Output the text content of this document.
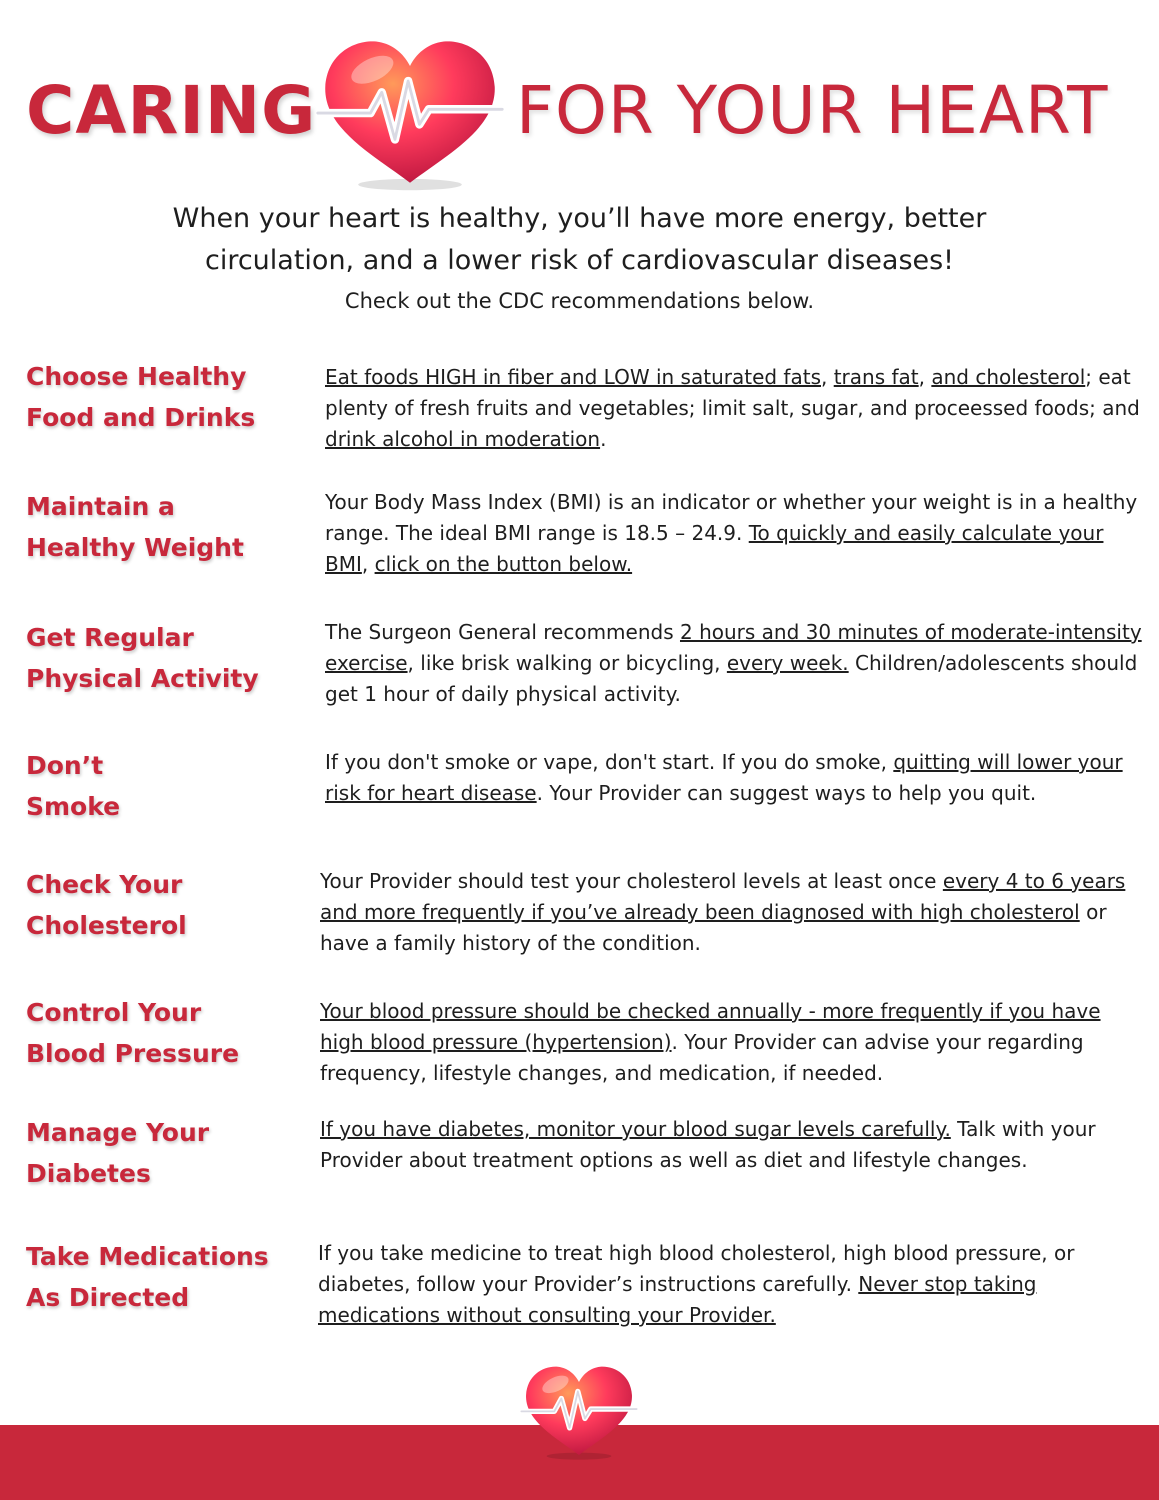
CARING	FOR YOUR HEART
When your heart is healthy, you’ll have more energy, better
circulation, and a lower risk of cardiovascular diseases!
Check out the CDC recommendations below.
Choose Healthy
Food and Drinks
Eat foods HIGH in fiber and LOW in saturated fats, trans fat, and cholesterol; eat plenty of fresh fruits and vegetables; limit salt, sugar, and proceessed foods; and drink alcohol in moderation.
Maintain a
Healthy Weight
Your Body Mass Index (BMI) is an indicator or whether your weight is in a healthy range. The ideal BMI range is 18.5 – 24.9. To quickly and easily calculate your BMI, click on the button below.
Get Regular
Physical Activity
The Surgeon General recommends 2 hours and 30 minutes of moderate-intensity exercise, like brisk walking or bicycling, every week. Children/adolescents should get 1 hour of daily physical activity.
Don’t
Smoke
If you don't smoke or vape, don't start. If you do smoke, quitting will lower your risk for heart disease. Your Provider can suggest ways to help you quit.
Check Your
Cholesterol
Your Provider should test your cholesterol levels at least once every 4 to 6 years and more frequently if you’ve already been diagnosed with high cholesterol or have a family history of the condition.
Control Your
Blood Pressure
Your blood pressure should be checked annually - more frequently if you have high blood pressure (hypertension). Your Provider can advise your regarding frequency, lifestyle changes, and medication, if needed.
Manage Your
Diabetes
If you have diabetes, monitor your blood sugar levels carefully. Talk with your Provider about treatment options as well as diet and lifestyle changes.
Take Medications
As Directed
If you take medicine to treat high blood cholesterol, high blood pressure, or diabetes, follow your Provider’s instructions carefully. Never stop taking medications without consulting your Provider.
